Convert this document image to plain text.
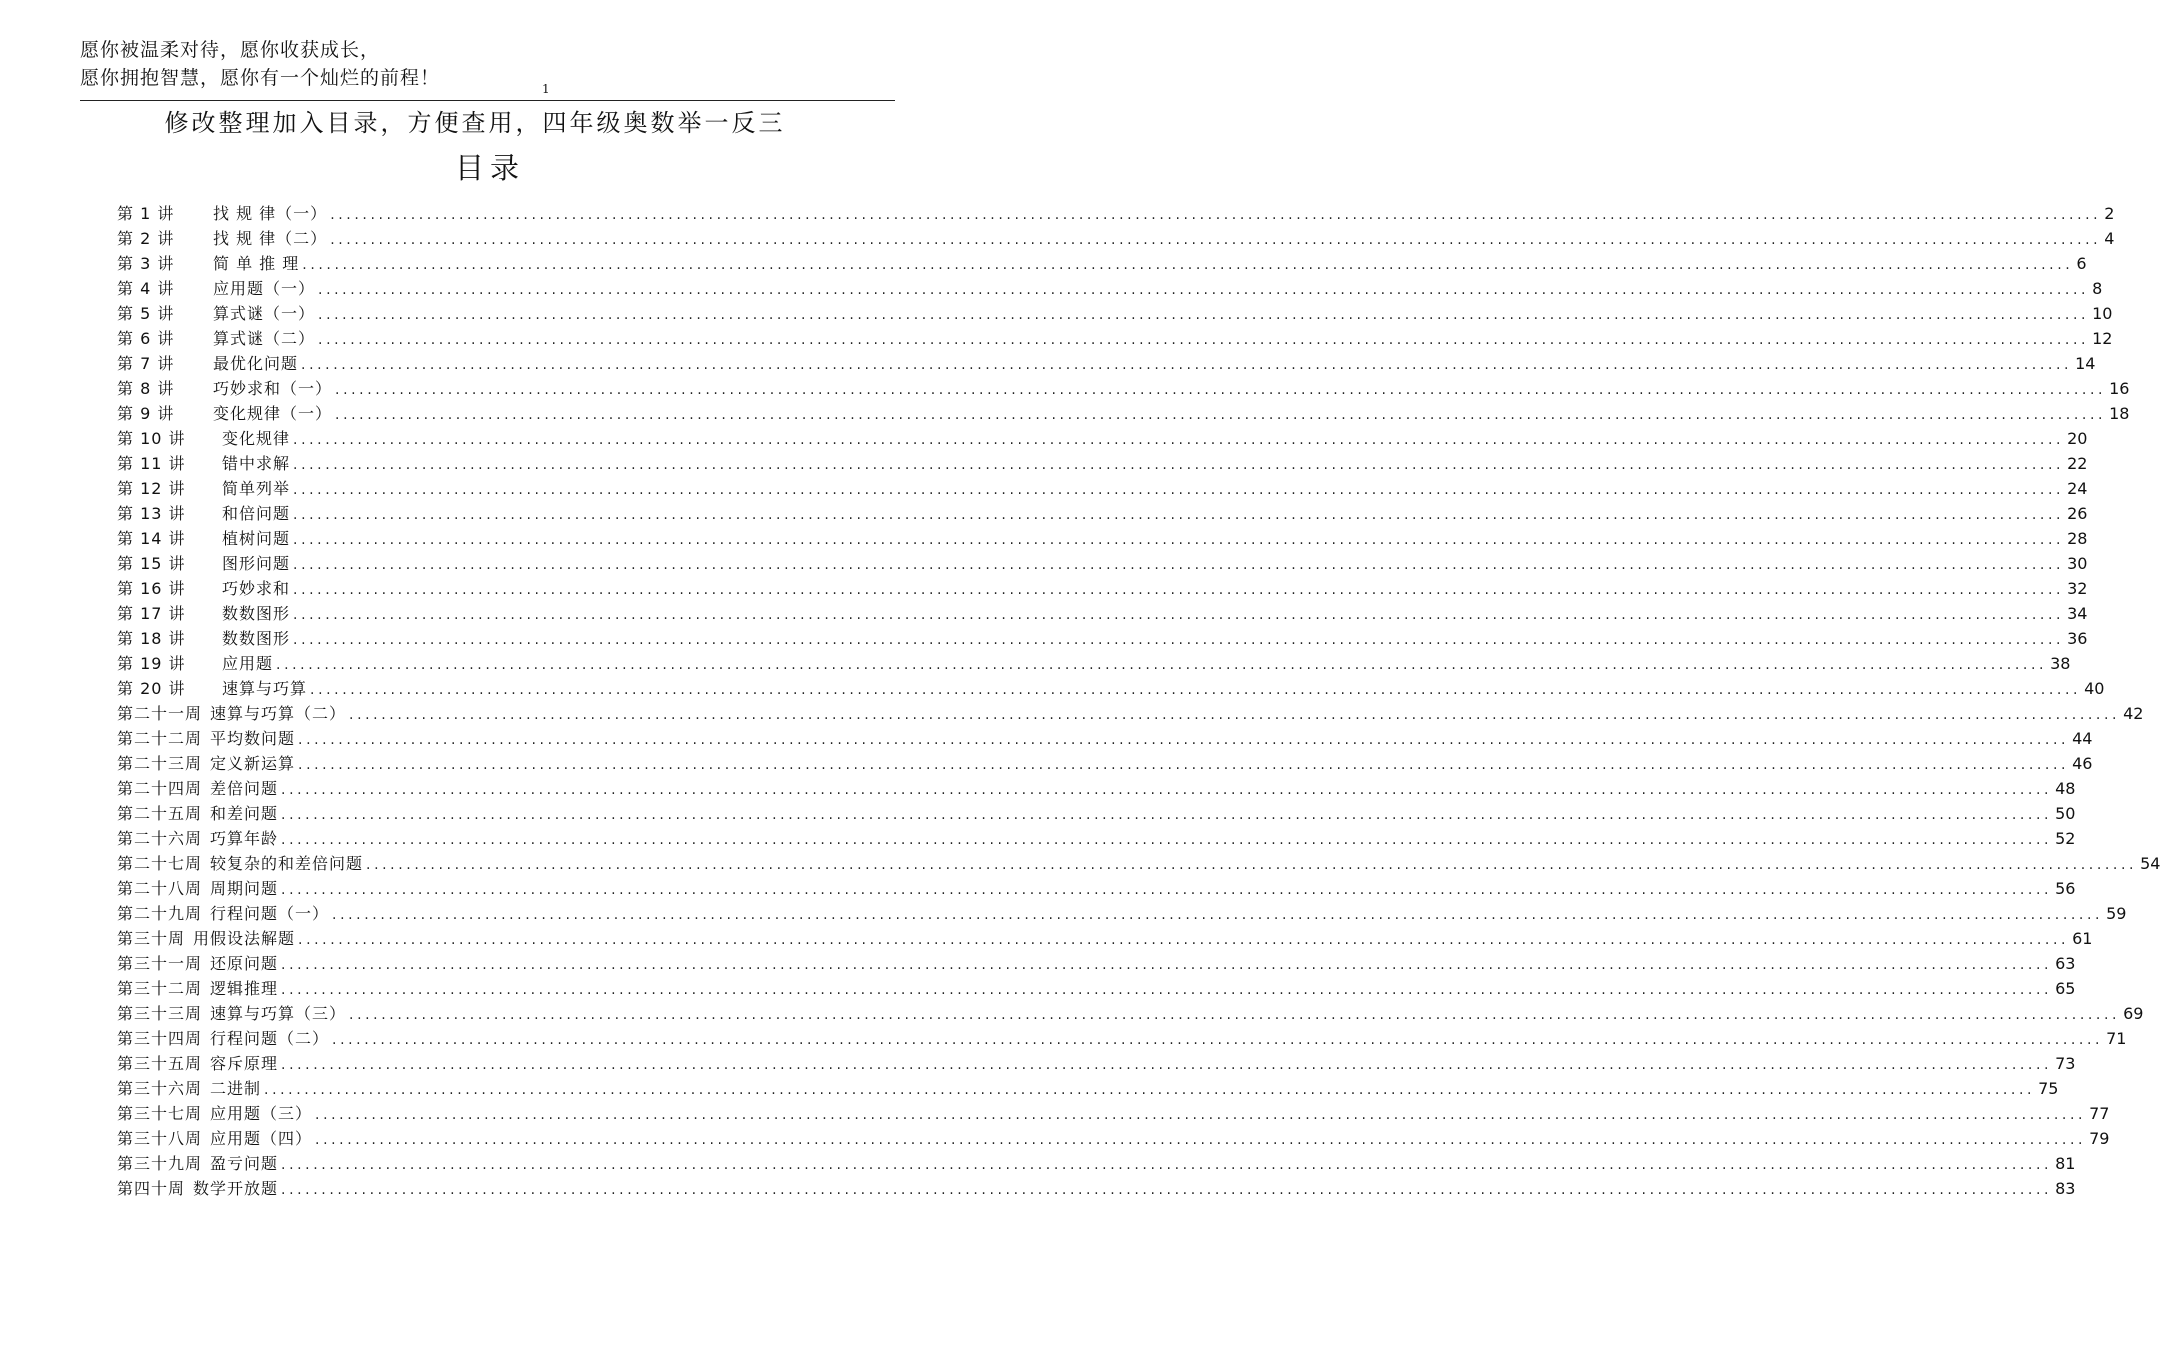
愿你被温柔对待，愿你收获成长，
愿你拥抱智慧，愿你有一个灿烂的前程！	1
修改整理加入目录，方便查用，四年级奥数举一反三
目录
第 1 讲	找 规 律（一） ............................................................................................................................................................................................................................ 2
第 2 讲	找 规 律（二） ............................................................................................................................................................................................................................ 4
第 3 讲	简 单 推 理 ............................................................................................................................................................................................................................ 6
第 4 讲	应用题（一） ............................................................................................................................................................................................................................ 8
第 5 讲	算式谜（一） ............................................................................................................................................................................................................................ 10
第 6 讲	算式谜（二） ............................................................................................................................................................................................................................ 12
第 7 讲	最优化问题 ............................................................................................................................................................................................................................ 14
第 8 讲	巧妙求和（一） ............................................................................................................................................................................................................................ 16
第 9 讲	变化规律（一） ............................................................................................................................................................................................................................ 18
第 10 讲	变化规律 ............................................................................................................................................................................................................................ 20
第 11 讲	错中求解 ............................................................................................................................................................................................................................ 22
第 12 讲	简单列举 ............................................................................................................................................................................................................................ 24
第 13 讲	和倍问题 ............................................................................................................................................................................................................................ 26
第 14 讲	植树问题 ............................................................................................................................................................................................................................ 28
第 15 讲	图形问题 ............................................................................................................................................................................................................................ 30
第 16 讲	巧妙求和 ............................................................................................................................................................................................................................ 32
第 17 讲	数数图形 ............................................................................................................................................................................................................................ 34
第 18 讲	数数图形 ............................................................................................................................................................................................................................ 36
第 19 讲	应用题 ............................................................................................................................................................................................................................ 38
第 20 讲	速算与巧算 ............................................................................................................................................................................................................................ 40
第二十一周 速算与巧算（二） ............................................................................................................................................................................................................................ 42
第二十二周 平均数问题 ............................................................................................................................................................................................................................ 44
第二十三周 定义新运算 ............................................................................................................................................................................................................................ 46
第二十四周 差倍问题 ............................................................................................................................................................................................................................ 48
第二十五周 和差问题 ............................................................................................................................................................................................................................ 50
第二十六周 巧算年龄 ............................................................................................................................................................................................................................ 52
第二十七周 较复杂的和差倍问题 ............................................................................................................................................................................................................................ 54
第二十八周 周期问题 ............................................................................................................................................................................................................................ 56
第二十九周 行程问题（一） ............................................................................................................................................................................................................................ 59
第三十周 用假设法解题 ............................................................................................................................................................................................................................ 61
第三十一周 还原问题 ............................................................................................................................................................................................................................ 63
第三十二周 逻辑推理 ............................................................................................................................................................................................................................ 65
第三十三周 速算与巧算（三） ............................................................................................................................................................................................................................ 69
第三十四周 行程问题（二） ............................................................................................................................................................................................................................ 71
第三十五周 容斥原理 ............................................................................................................................................................................................................................ 73
第三十六周 二进制 ............................................................................................................................................................................................................................ 75
第三十七周 应用题（三） ............................................................................................................................................................................................................................ 77
第三十八周 应用题（四） ............................................................................................................................................................................................................................ 79
第三十九周 盈亏问题 ............................................................................................................................................................................................................................ 81
第四十周 数学开放题 ............................................................................................................................................................................................................................ 83
